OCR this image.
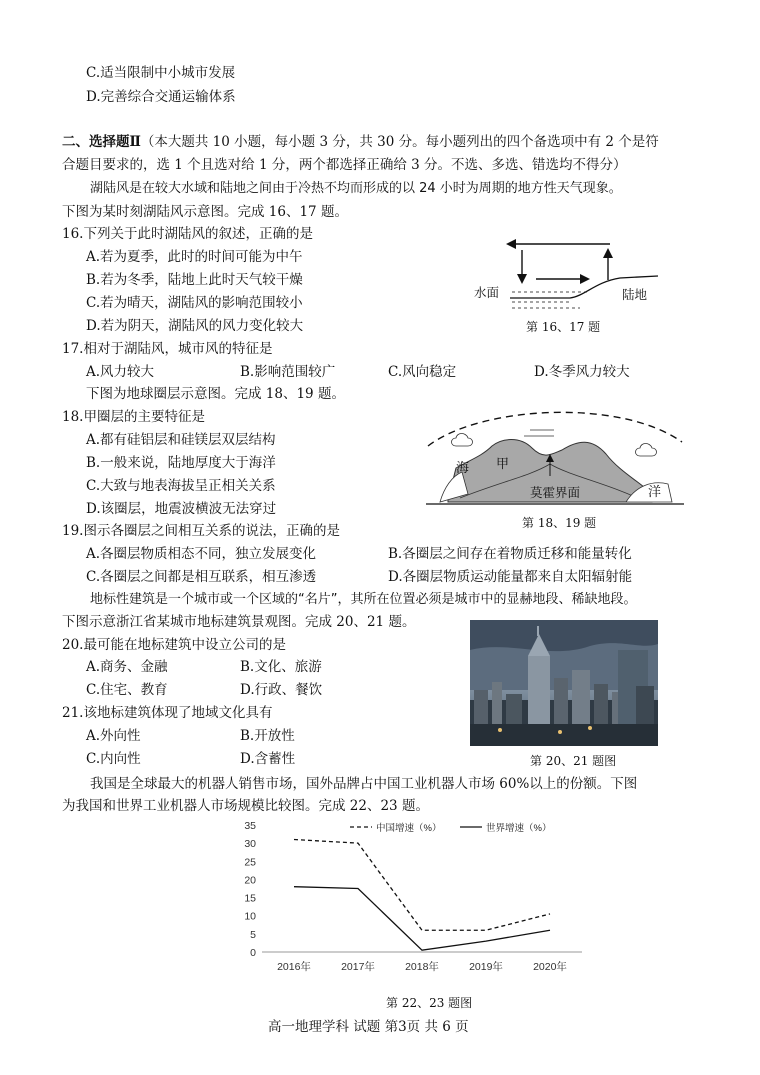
C.适当限制中小城市发展
D.完善综合交通运输体系
二、选择题Ⅱ（本大题共 10 小题，每小题 3 分，共 30 分。每小题列出的四个备选项中有 2 个是符
合题目要求的，选 1 个且选对给 1 分，两个都选择正确给 3 分。不选、多选、错选均不得分）
湖陆风是在较大水域和陆地之间由于冷热不均而形成的以 24 小时为周期的地方性天气现象。
下图为某时刻湖陆风示意图。完成 16、17 题。
16.下列关于此时湖陆风的叙述，正确的是
A.若为夏季，此时的时间可能为中午
B.若为冬季，陆地上此时天气较干燥
C.若为晴天，湖陆风的影响范围较小
D.若为阴天，湖陆风的风力变化较大
水面	陆地
第 16、17 题
17.相对于湖陆风，城市风的特征是
A.风力较大	B.影响范围较广	C.风向稳定	D.冬季风力较大
下图为地球圈层示意图。完成 18、19 题。
18.甲圈层的主要特征是
A.都有硅铝层和硅镁层双层结构
B.一般来说，陆地厚度大于海洋
C.大致与地表海拔呈正相关关系
D.该圈层，地震波横波无法穿过
海 甲
莫霍界面	洋
第 18、19 题
19.图示各圈层之间相互关系的说法，正确的是
A.各圈层物质相态不同，独立发展变化	B.各圈层之间存在着物质迁移和能量转化
C.各圈层之间都是相互联系，相互渗透	D.各圈层物质运动能量都来自太阳辐射能
地标性建筑是一个城市或一个区域的“名片”，其所在位置必须是城市中的显赫地段、稀缺地段。
下图示意浙江省某城市地标建筑景观图。完成 20、21 题。
20.最可能在地标建筑中设立公司的是
A.商务、金融	B.文化、旅游
C.住宅、教育	D.行政、餐饮
21.该地标建筑体现了地域文化具有
A.外向性	B.开放性
C.内向性	D.含蓄性	第 20、21 题图
我国是全球最大的机器人销售市场，国外品牌占中国工业机器人市场 60%以上的份额。下图
为我国和世界工业机器人市场规模比较图。完成 22、23 题。
0
5
10
15
20
25
30
35
2016年	2017年	2018年	2019年	2020年
中国增速（%）	世界增速（%）
第 22、23 题图
高一地理学科 试题 第3页 共 6 页
